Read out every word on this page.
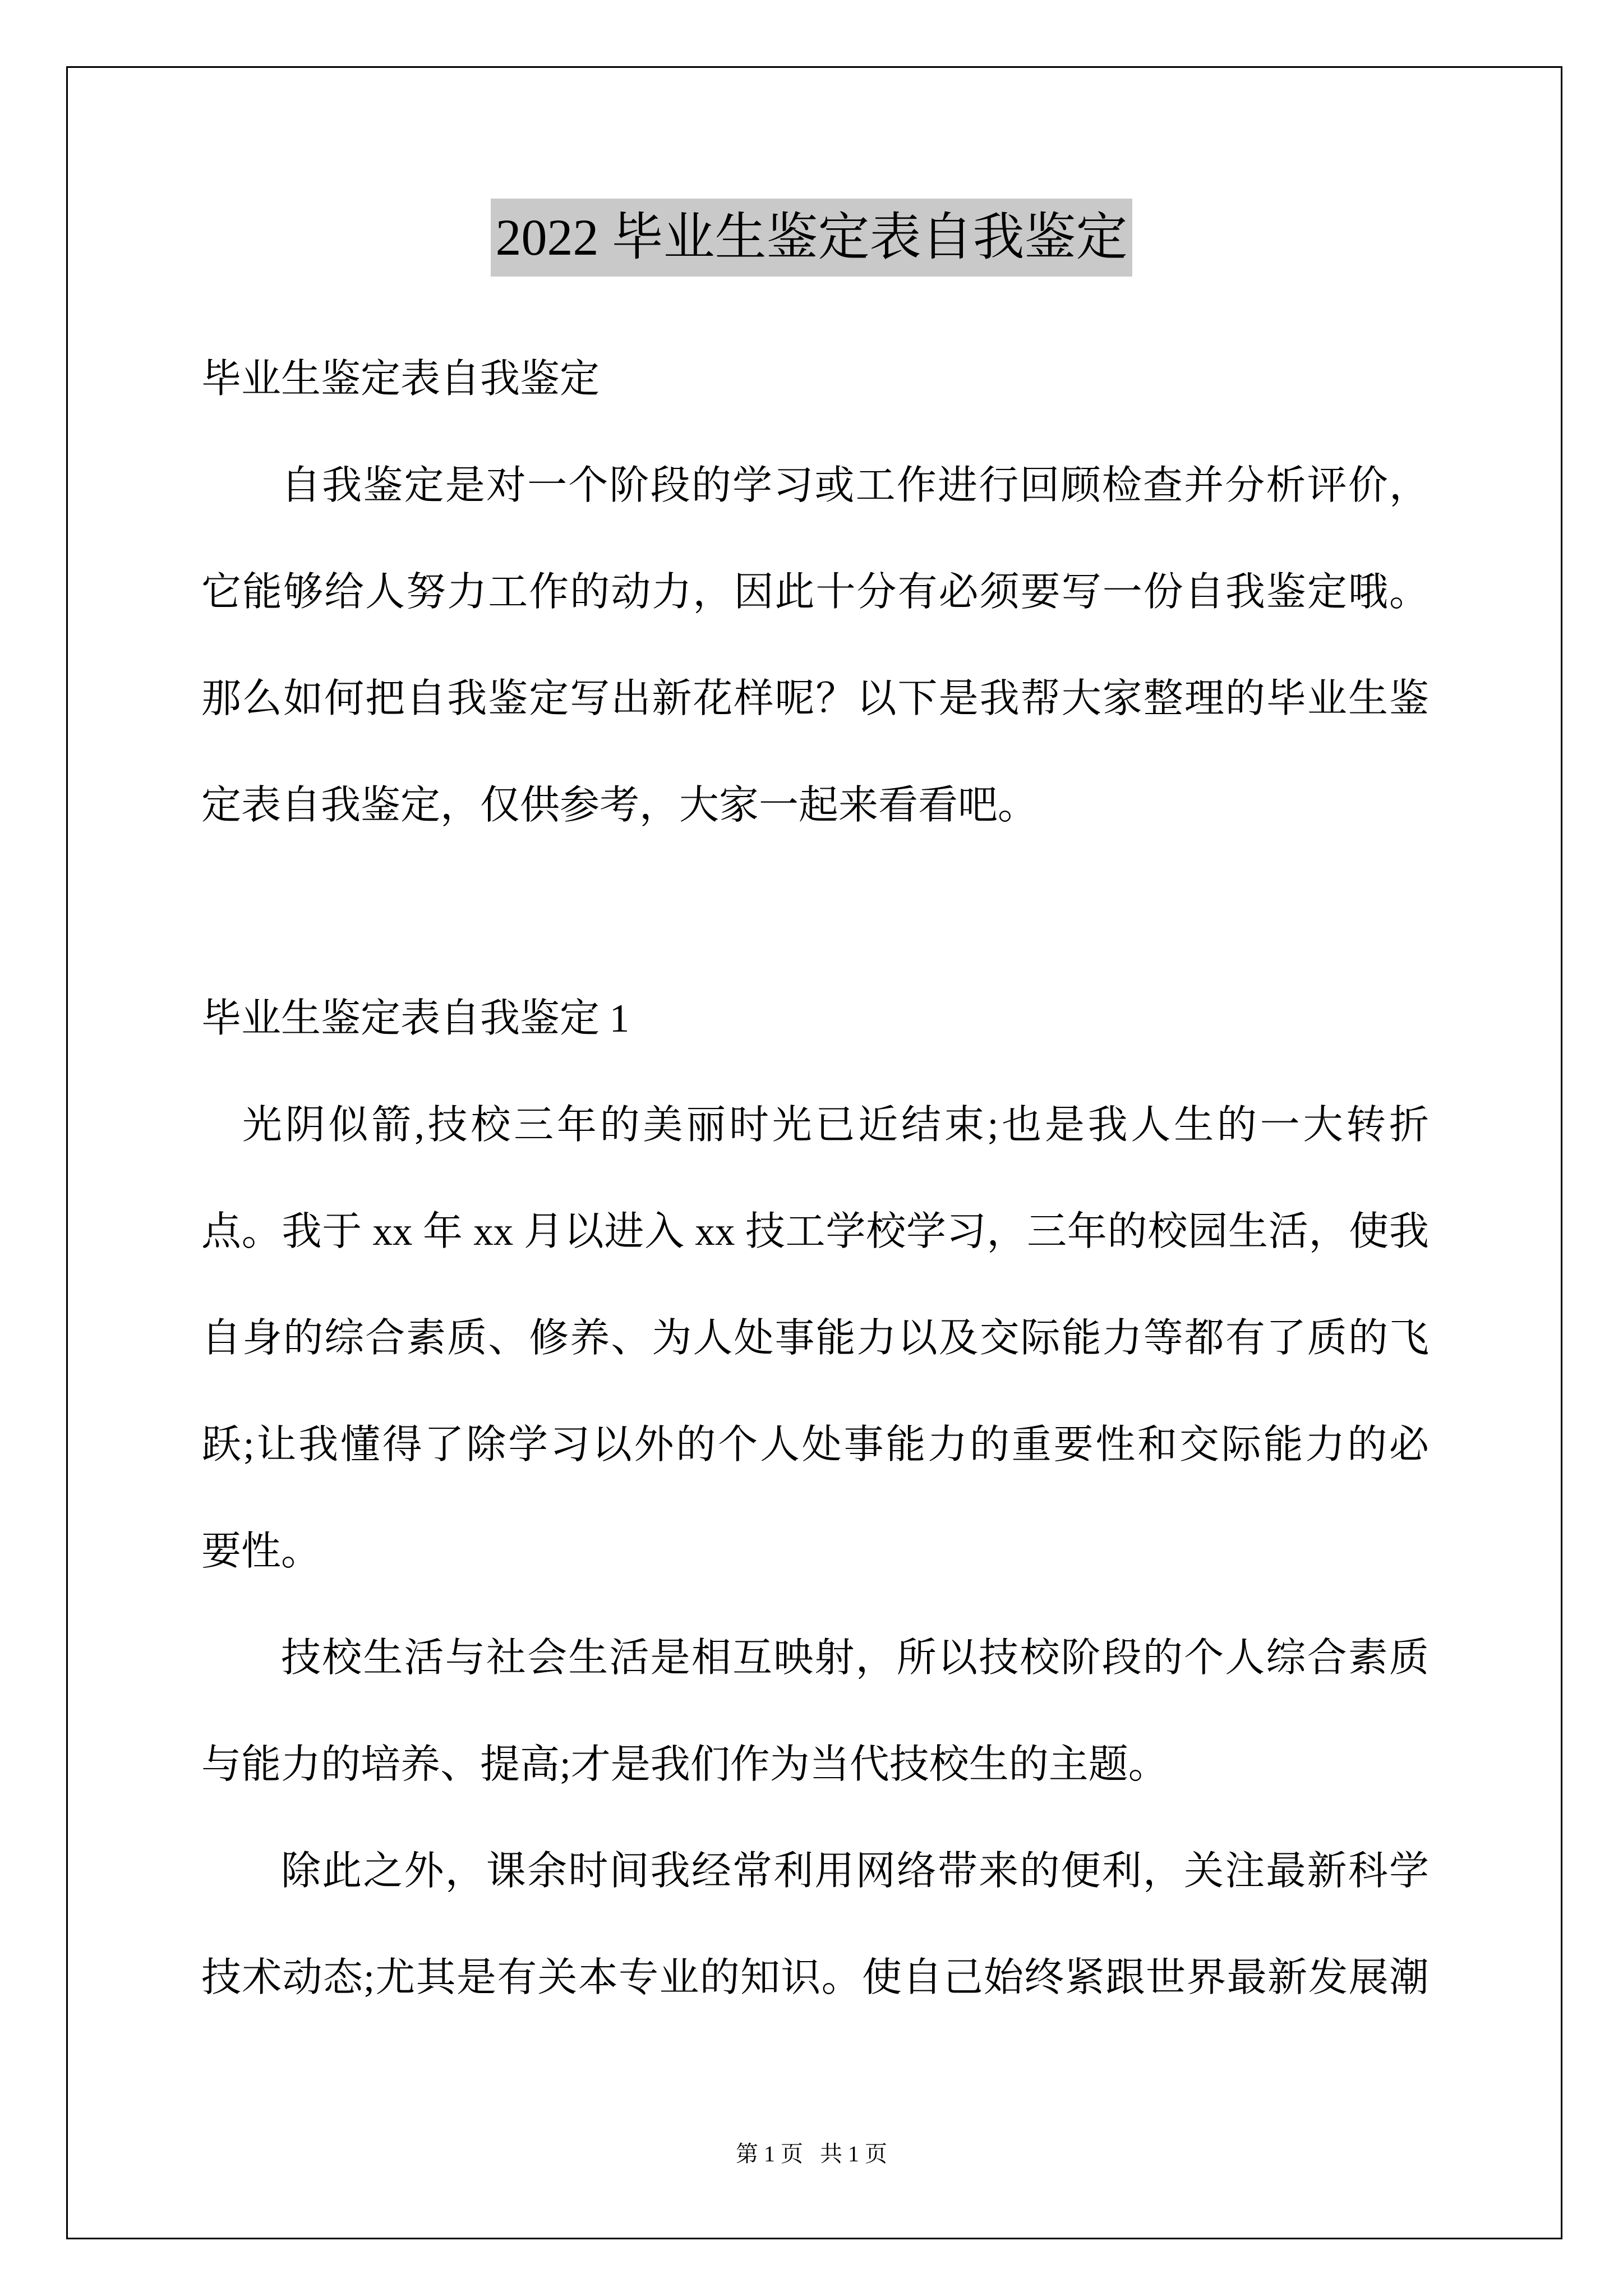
2022 毕业生鉴定表自我鉴定
毕业生鉴定表自我鉴定
自我鉴定是对一个阶段的学习或工作进行回顾检查并分析评价，
它能够给人努力工作的动力，因此十分有必须要写一份自我鉴定哦。
那么如何把自我鉴定写出新花样呢？以下是我帮大家整理的毕业生鉴
定表自我鉴定，仅供参考，大家一起来看看吧。
毕业生鉴定表自我鉴定 1
光阴似箭,技校三年的美丽时光已近结束;也是我人生的一大转折
点。我于 xx 年 xx 月以进入 xx 技工学校学习，三年的校园生活，使我
自身的综合素质、修养、为人处事能力以及交际能力等都有了质的飞
跃;让我懂得了除学习以外的个人处事能力的重要性和交际能力的必
要性。
技校生活与社会生活是相互映射，所以技校阶段的个人综合素质
与能力的培养、提高;才是我们作为当代技校生的主题。
除此之外，课余时间我经常利用网络带来的便利，关注最新科学
技术动态;尤其是有关本专业的知识。使自己始终紧跟世界最新发展潮
第 1 页   共 1 页
